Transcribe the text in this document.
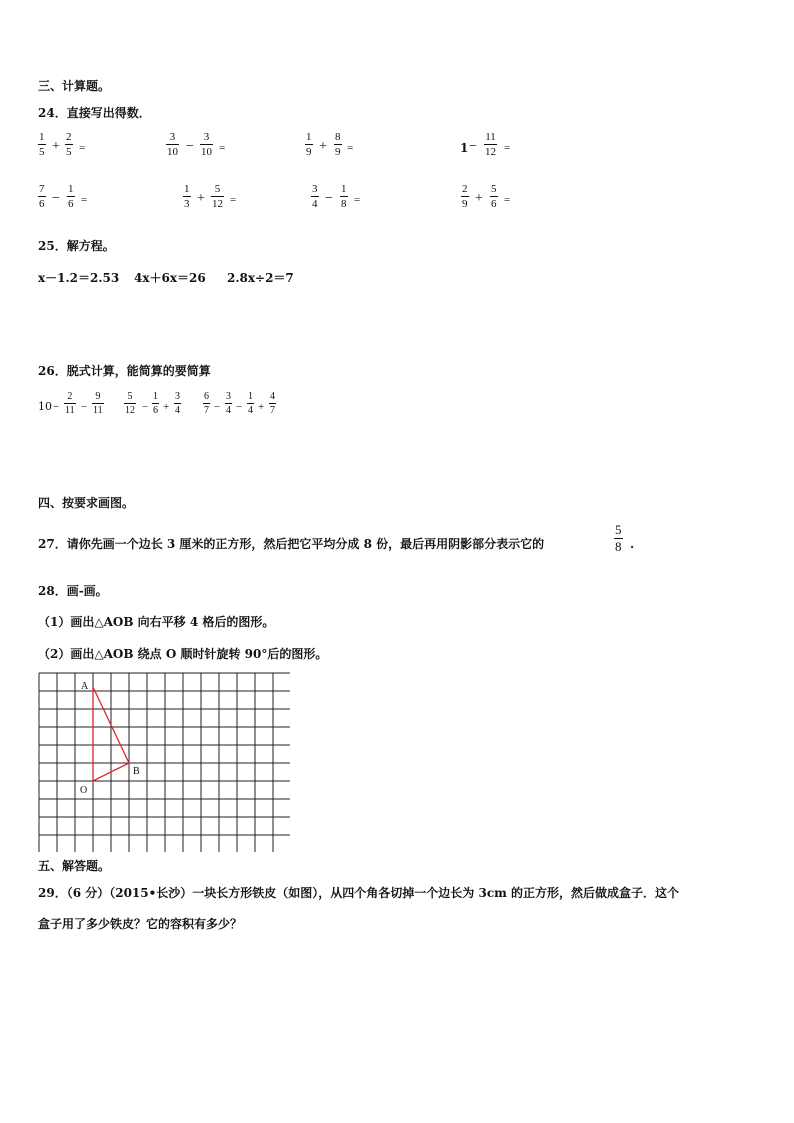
三、计算题。
24．直接写出得数．
1
5 +
2
5 =
3
10 −
3
10 =
1
9 +
8
9 =	1 −
11
12 =
7
6 −
1
6 =
1
3 +
5
12 =
3
4 −
1
8 =
2
9 +
5
6 =
25．解方程。
x－1.2＝2.53 4x＋6x＝26 2.8x÷2＝7
26．脱式计算，能简算的要简算
10 −
2
11 −
9
11
5
12 −
1
6 +
3
4
6
7 −
3
4 −
1
4 +
4
7
四、按要求画图。
27．请你先画一个边长 3 厘米的正方形，然后把它平均分成 8 份，最后再用阴影部分表示它的
5
8 .
28．画-画。
（1）画出△AOB 向右平移 4 格后的图形。
（2）画出△AOB 绕点 O 顺时针旋转 90°后的图形。
A
B
O
五、解答题。
29．（6 分）（2015•长沙）一块长方形铁皮（如图），从四个角各切掉一个边长为 3cm 的正方形，然后做成盒子．这个
盒子用了多少铁皮？它的容积有多少？
